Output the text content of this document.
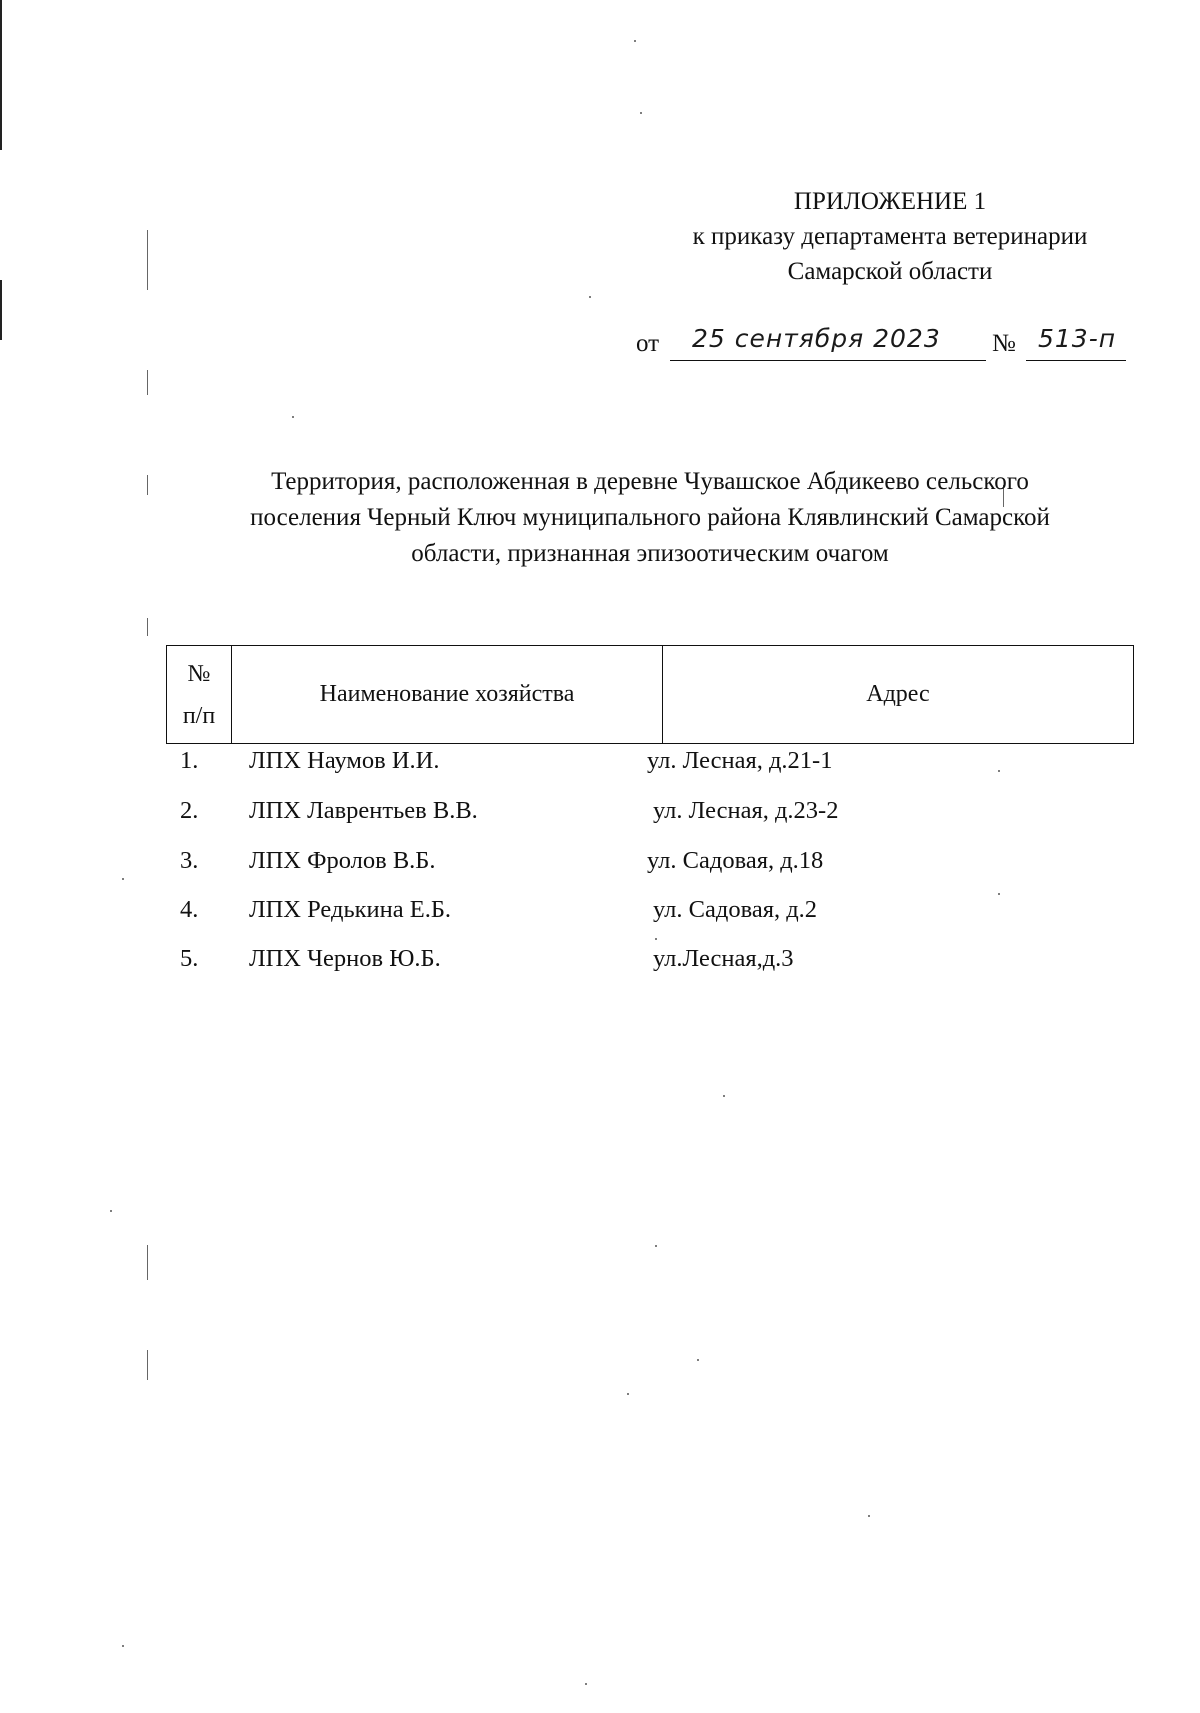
ПРИЛОЖЕНИЕ 1
к приказу департамента ветеринарии
Самарской области
от 25 сентября 2023 № 513-п
Территория, расположенная в деревне Чувашское Абдикеево сельского
поселения Черный Ключ муниципального района Клявлинский Самарской
области, признанная эпизоотическим очагом
№
п/п
	Наименование хозяйства	Адрес
1. ЛПХ Наумов И.И.	ул. Лесная, д.21-1
2. ЛПХ Лаврентьев В.В.	ул. Лесная, д.23-2
3. ЛПХ Фролов В.Б.	ул. Садовая, д.18
4. ЛПХ Редькина Е.Б.	ул. Садовая, д.2
5. ЛПХ Чернов Ю.Б.	ул.Лесная,д.3
